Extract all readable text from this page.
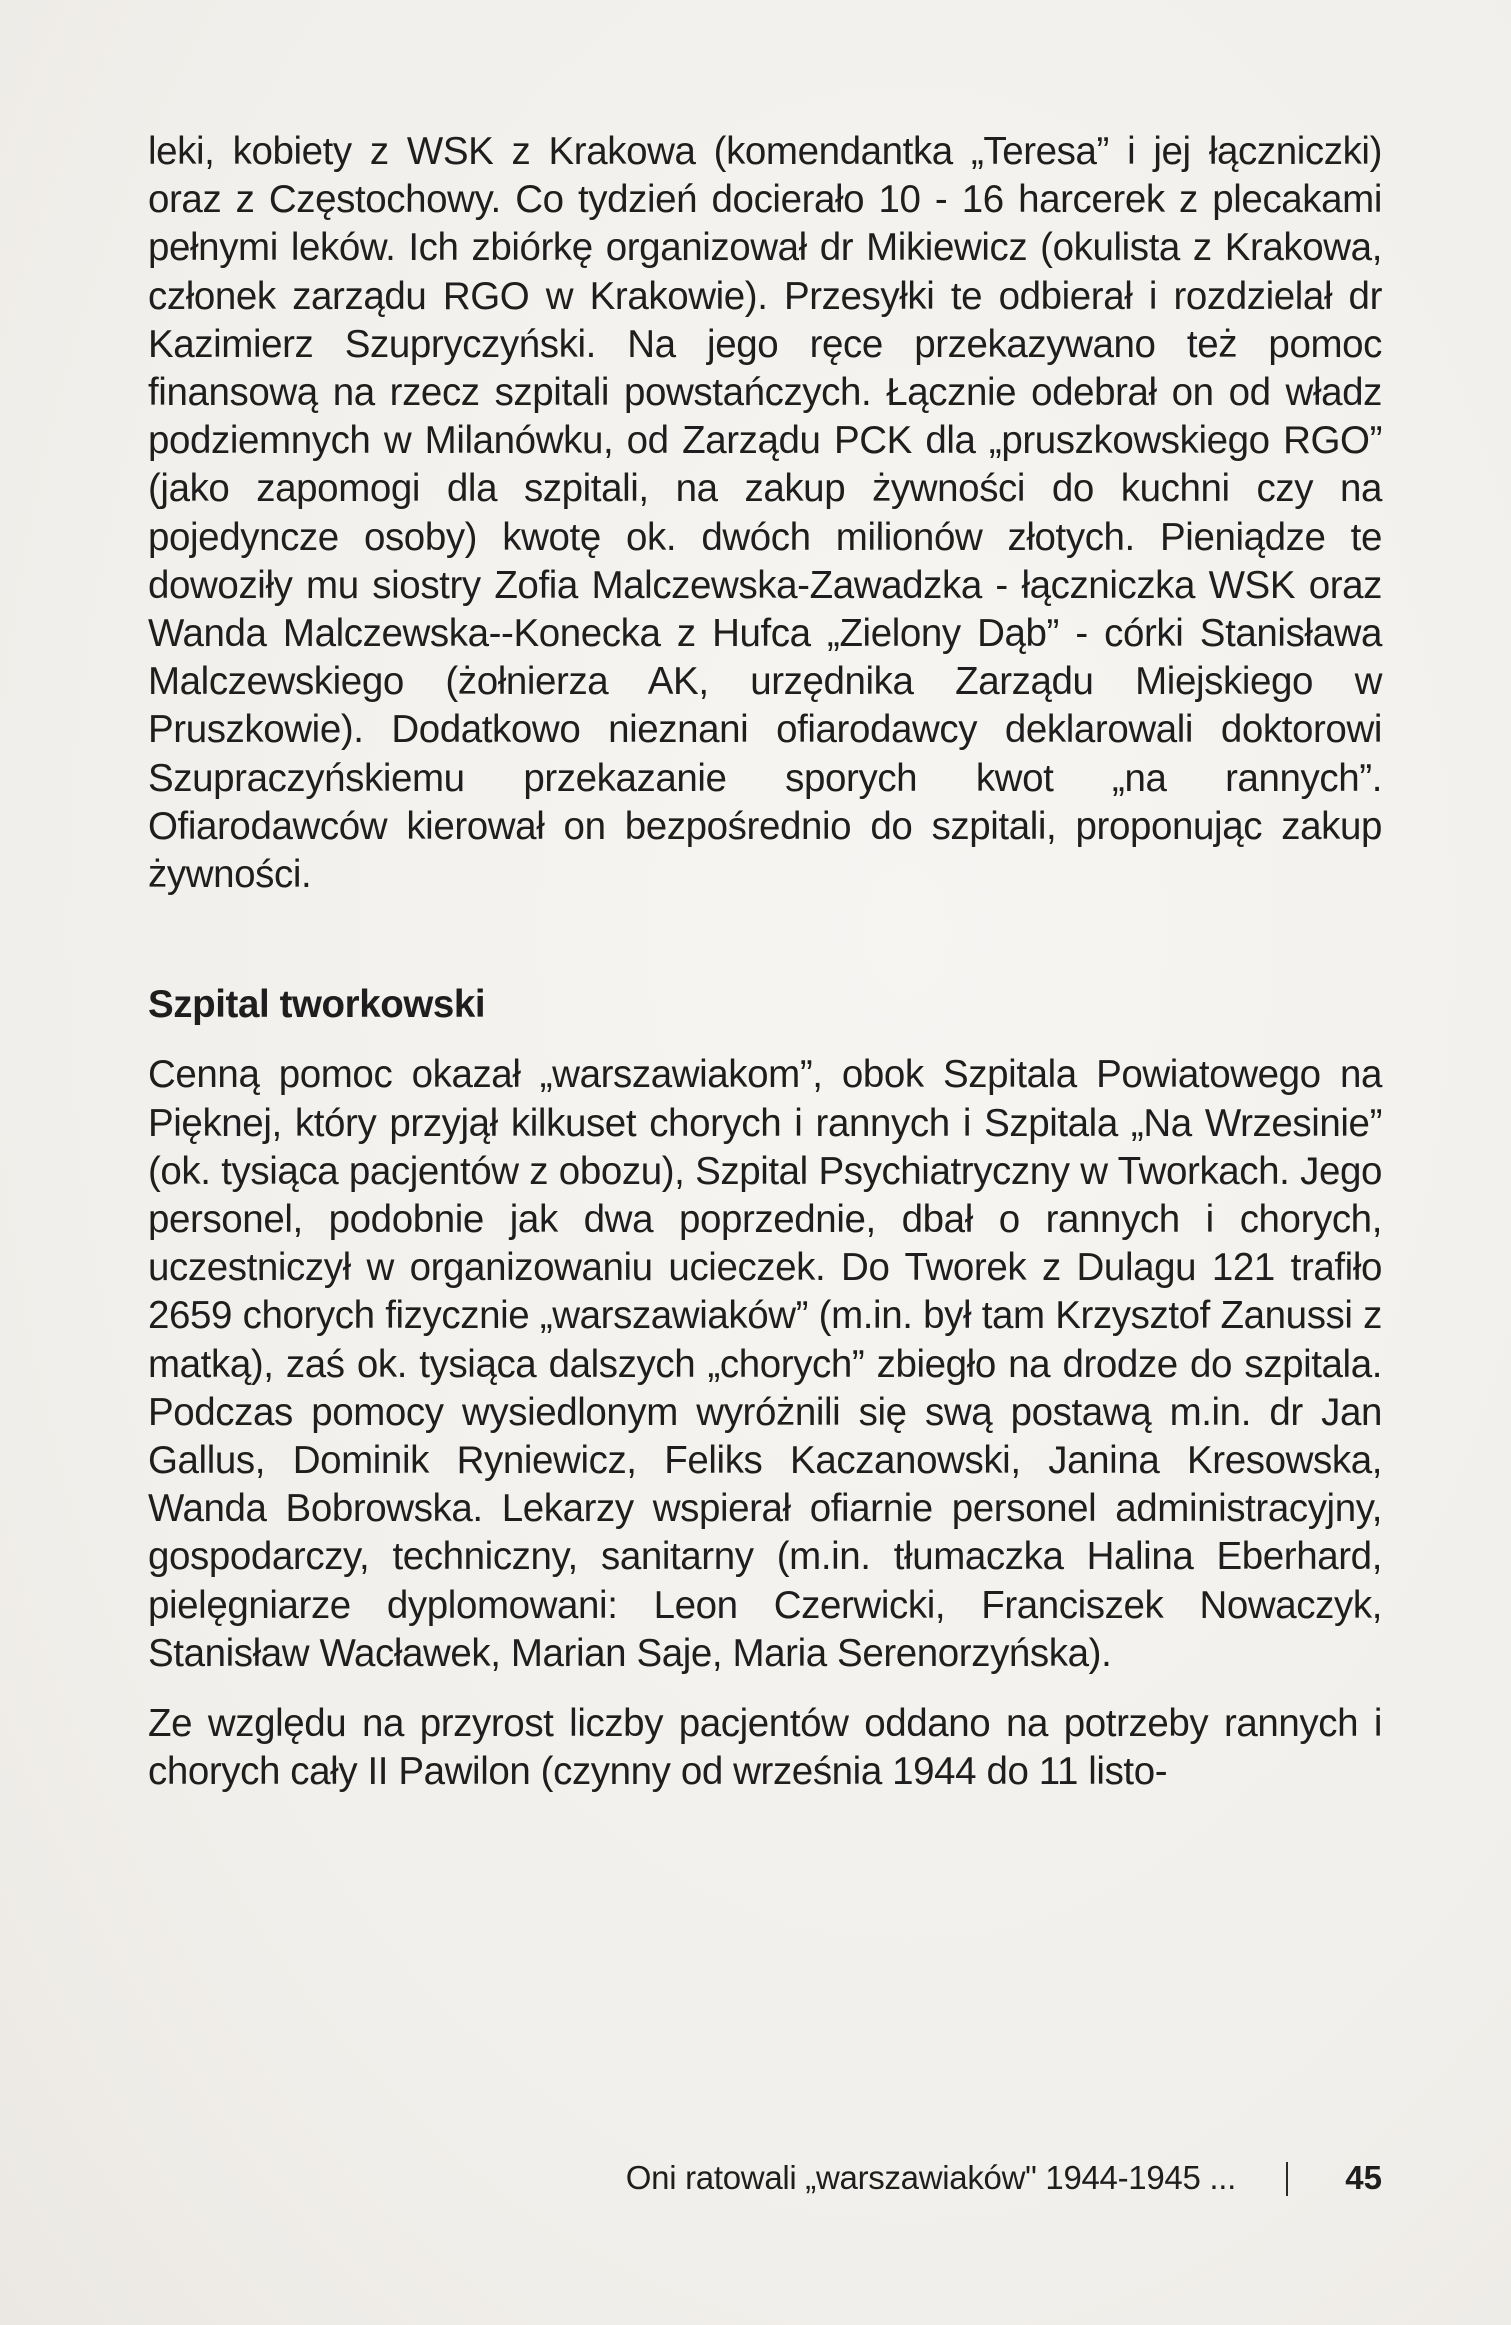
leki, kobiety z WSK z Krakowa (komendantka „Teresa” i jej łączniczki) oraz z Częstochowy. Co tydzień docierało 10 - 16 harcerek z plecakami pełnymi leków. Ich zbiórkę organizował dr Mikiewicz (okulista z Krakowa, członek zarządu RGO w Krakowie). Przesyłki te odbierał i rozdzielał dr Kazimierz Szupryczyński. Na jego ręce przekazywano też pomoc finansową na rzecz szpitali powstańczych. Łącznie odebrał on od władz podziemnych w Milanówku, od Zarządu PCK dla „pruszkowskiego RGO” (jako zapomogi dla szpitali, na zakup żywności do kuchni czy na pojedyncze osoby) kwotę ok. dwóch milionów złotych. Pieniądze te dowoziły mu siostry Zofia Malczewska-Zawadzka - łączniczka WSK oraz Wanda Malczewska-​-Konecka z Hufca „Zielony Dąb” - córki Stanisława Malczewskiego (żołnierza AK, urzędnika Zarządu Miejskiego w Pruszkowie). Dodatkowo nieznani ofiarodawcy deklarowali doktorowi Szupraczyńskiemu przekazanie sporych kwot „na rannych”. Ofiarodawców kierował on bezpośrednio do szpitali, proponując zakup żywności.

Szpital tworkowski

Cenną pomoc okazał „warszawiakom”, obok Szpitala Powiatowego na Pięknej, który przyjął kilkuset chorych i rannych i Szpitala „Na Wrzesinie” (ok. tysiąca pacjentów z obozu), Szpital Psychiatryczny w Tworkach. Jego personel, podobnie jak dwa poprzednie, dbał o rannych i chorych, uczestniczył w organizowaniu ucieczek. Do Tworek z Dulagu 121 trafiło 2659 chorych fizycznie „warszawiaków” (m.in. był tam Krzysztof Zanussi z matką), zaś ok. tysiąca dalszych „chorych” zbiegło na drodze do szpitala. Podczas pomocy wysiedlonym wyróżnili się swą postawą m.in. dr Jan Gallus, Dominik Ryniewicz, Feliks Kaczanowski, Janina Kresowska, Wanda Bobrowska. Lekarzy wspierał ofiarnie personel administracyjny, gospodarczy, techniczny, sanitarny (m.in. tłumaczka Halina Eberhard, pielęgniarze dyplomowani: Leon Czerwicki, Franciszek Nowaczyk, Stanisław Wacławek, Marian Saje, Maria Serenorzyńska).

Ze względu na przyrost liczby pacjentów oddano na potrzeby rannych i chorych cały II Pawilon (czynny od września 1944 do 11 listo-

Oni ratowali „warszawiaków" 1944-1945 ...	45
